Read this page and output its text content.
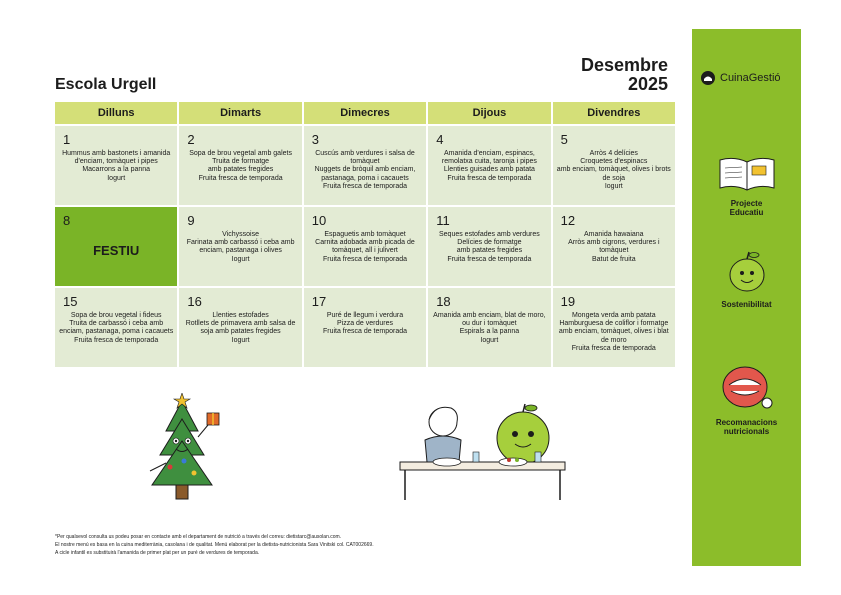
Escola Urgell
Desembre
2025
Dilluns	Dimarts	Dimecres	Dijous	Divendres
1
Hummus amb bastonets i amanida d'enciam, tomàquet i pipes
Macarrons a la panna
Iogurt
2
Sopa de brou vegetal amb galets
Truita de formatge
amb patates fregides
Fruita fresca de temporada
3
Cuscús amb verdures i salsa de tomàquet
Nuggets de bròquil amb enciam, pastanaga, poma i cacauets
Fruita fresca de temporada
4
Amanida d'enciam, espinacs, remolatxa cuita, taronja i pipes
Llenties guisades amb patata
Fruita fresca de temporada
5
Arròs 4 delícies
Croquetes d'espinacs
amb enciam, tomàquet, olives i brots de soja
Iogurt
8
FESTIU
9
Vichyssoise
Farinata amb carbassó i ceba amb enciam, pastanaga i olives
Iogurt
10
Espaguetis amb tomàquet
Carnita adobada amb picada de tomàquet, all i julivert
Fruita fresca de temporada
11
Seques estofades amb verdures
Delícies de formatge
amb patates fregides
Fruita fresca de temporada
12
Amanida hawaiana
Arròs amb cigrons, verdures i tomàquet
Batut de fruita
15
Sopa de brou vegetal i fideus
Truita de carbassó i ceba amb enciam, pastanaga, poma i cacauets
Fruita fresca de temporada
16
Llenties estofades
Rotllets de primavera amb salsa de soja amb patates fregides
Iogurt
17
Puré de llegum i verdura
Pizza de verdures
Fruita fresca de temporada
18
Amanida amb enciam, blat de moro, ou dur i tomàquet
Espirals a la panna
Iogurt
19
Mongeta verda amb patata
Hamburguesa de coliflor i formatge amb enciam, tomàquet, olives i blat de moro
Fruita fresca de temporada
*Per qualsevol consulta us podeu posar en contacte amb el departament de nutrició a través del correu: dietistarc@ausolan.com.
El nostre menú es basa en la cuina mediterrània, casolana i de qualitat. Menú elaborat per la dietista-nutricionista Sara Vinitski col. CAT002669.
A cicle infantil es substituirà l'amanida de primer plat per un puré de verdures de temporada.
CuinaGestió
Projecte Educatiu
Sostenibilitat
Recomanacions nutricionals
